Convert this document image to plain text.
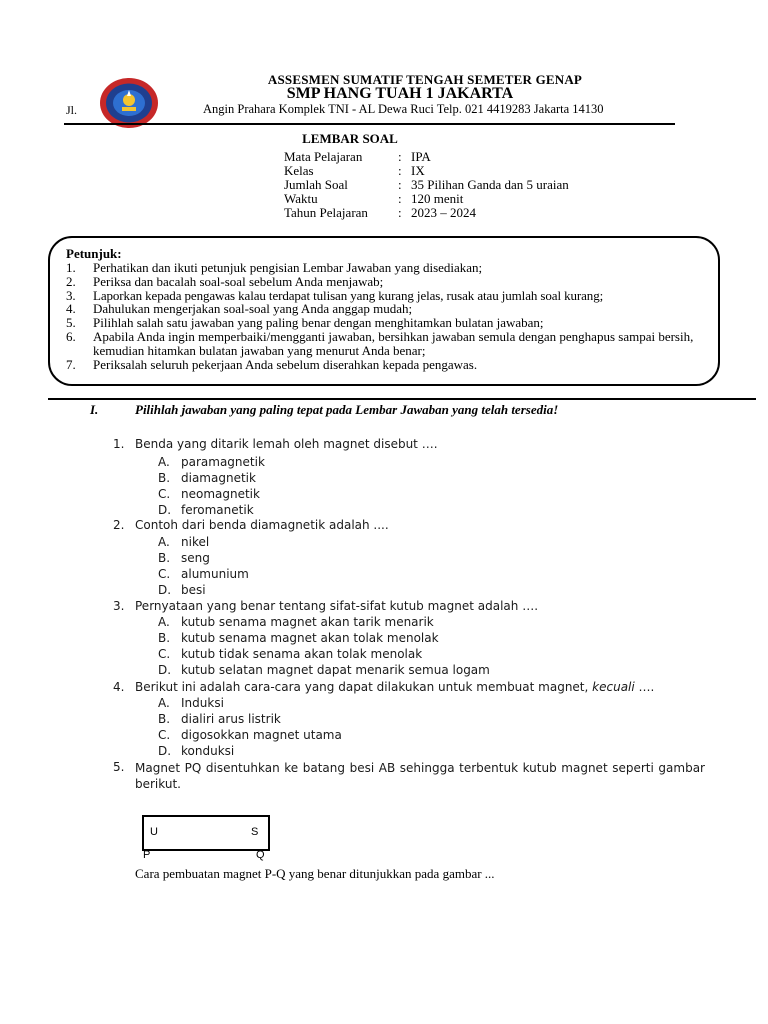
ASSESMEN SUMATIF TENGAH SEMETER GENAP
SMP HANG TUAH 1 JAKARTA
Jl.	Angin Prahara Komplek TNI - AL Dewa Ruci Telp. 021 4419283 Jakarta 14130
LEMBAR SOAL
Mata Pelajaran	:	IPA
Kelas	:	IX
Jumlah Soal	:	35 Pilihan Ganda dan 5 uraian
Waktu	:	120 menit
Tahun Pelajaran	:	2023 – 2024
Petunjuk:
1. Perhatikan dan ikuti petunjuk pengisian Lembar Jawaban yang disediakan;
2. Periksa dan bacalah soal-soal sebelum Anda menjawab;
3. Laporkan kepada pengawas kalau terdapat tulisan yang kurang jelas, rusak atau jumlah soal kurang;
4. Dahulukan mengerjakan soal-soal yang Anda anggap mudah;
5. Pilihlah salah satu jawaban yang paling benar dengan menghitamkan bulatan jawaban;
6. Apabila Anda ingin memperbaiki/mengganti jawaban, bersihkan jawaban semula dengan penghapus sampai bersih, kemudian hitamkan bulatan jawaban yang menurut Anda benar;
7. Periksalah seluruh pekerjaan Anda sebelum diserahkan kepada pengawas.
I.	Pilihlah jawaban yang paling tepat pada Lembar Jawaban yang telah tersedia!
1. Benda yang ditarik lemah oleh magnet disebut ….
A. paramagnetik
B. diamagnetik
C. neomagnetik
D. feromanetik
2. Contoh dari benda diamagnetik adalah ....
A. nikel
B. seng
C. alumunium
D. besi
3. Pernyataan yang benar tentang sifat-sifat kutub magnet adalah ….
A. kutub senama magnet akan tarik menarik
B. kutub senama magnet akan tolak menolak
C. kutub tidak senama akan tolak menolak
D. kutub selatan magnet dapat menarik semua logam
4. Berikut ini adalah cara-cara yang dapat dilakukan untuk membuat magnet, kecuali ….
A. Induksi
B. dialiri arus listrik
C. digosokkan magnet utama
D. konduksi
5. Magnet PQ disentuhkan ke batang besi AB sehingga terbentuk kutub magnet seperti gambar berikut.
U	S
P	Q
Cara pembuatan magnet P-Q yang benar ditunjukkan pada gambar ...
